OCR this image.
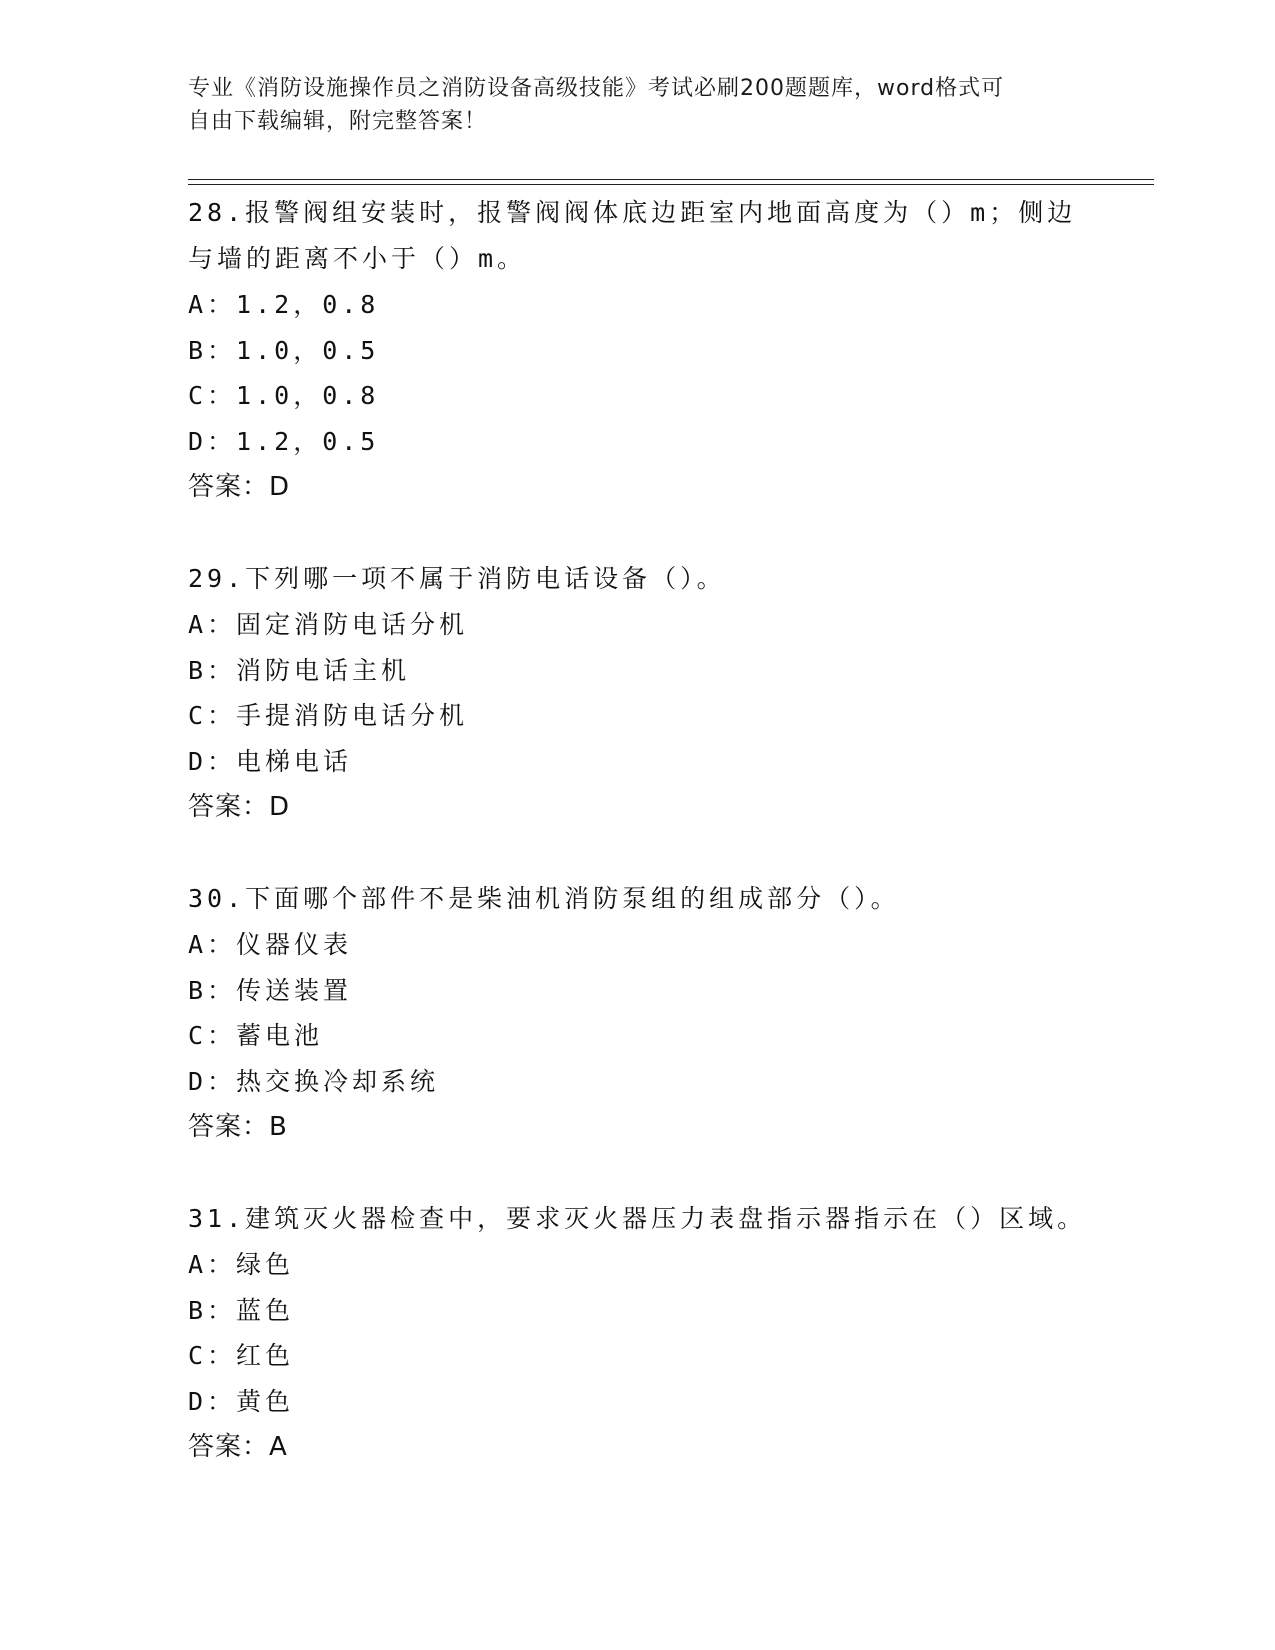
专业《消防设施操作员之消防设备高级技能》考试必刷200题题库，word格式可
自由下载编辑，附完整答案！
28.报警阀组安装时，报警阀阀体底边距室内地面高度为（）m；侧边
与墙的距离不小于（）m。
A：1.2，0.8
B：1.0，0.5
C：1.0，0.8
D：1.2，0.5
答案：D
29.下列哪一项不属于消防电话设备（）。
A：固定消防电话分机
B：消防电话主机
C：手提消防电话分机
D：电梯电话
答案：D
30.下面哪个部件不是柴油机消防泵组的组成部分（）。
A：仪器仪表
B：传送装置
C：蓄电池
D：热交换冷却系统
答案：B
31.建筑灭火器检查中，要求灭火器压力表盘指示器指示在（）区域。
A：绿色
B：蓝色
C：红色
D：黄色
答案：A
